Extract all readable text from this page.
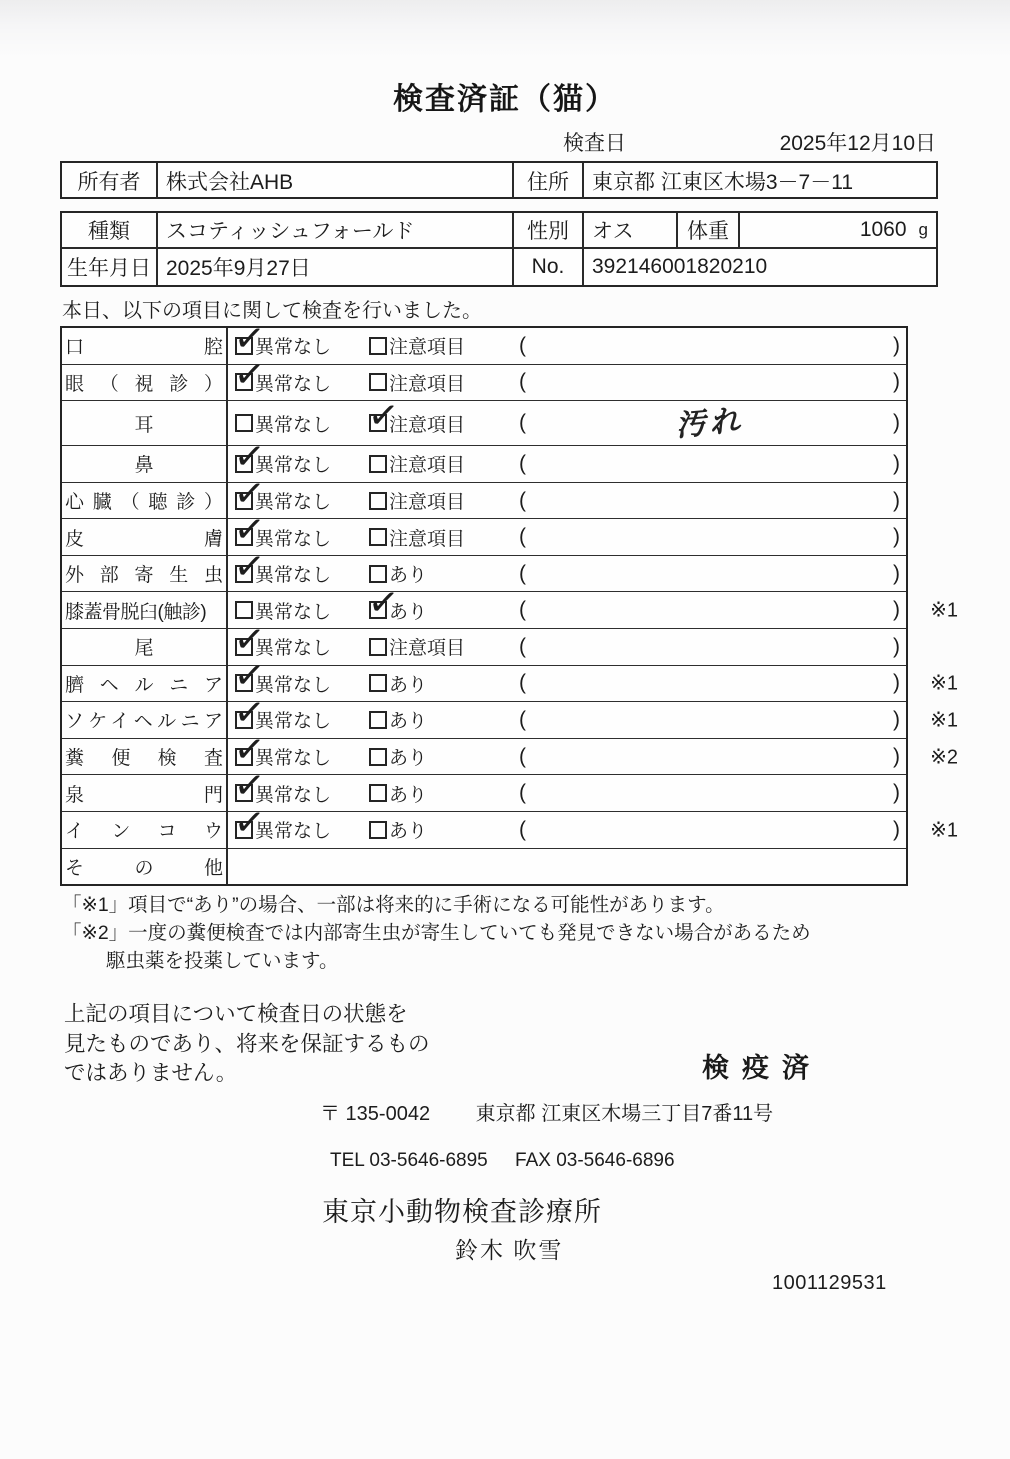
検査済証（猫）
検査日	2025年12月10日
所有者	株式会社AHB	住所	東京都 江東区木場3－7－11
種類	スコティッシュフォールド	性別	オス	体重	1060 g
生年月日 2025年9月27日	No.	392146001820210

本日、以下の項目に関して検査を行いました。

口腔 ✓ 異常なし	注意項目	(	)
眼（視診） ✓ 異常なし	注意項目	(	)
耳	異常なし ✓	注意項目	(	汚れ	)
鼻 ✓	異常なし	注意項目	(	)
心臓（聴診） ✓ 異常なし	注意項目	(	)
皮膚 ✓ 異常なし	注意項目	(	)
外部寄生虫 ✓ 異常なし	あり	(	)
膝蓋骨脱臼(触診)	異常なし ✓	あり	(	) ※1
尾 ✓	異常なし	注意項目	(	)
臍ヘルニア ✓ 異常なし	あり	(	) ※1
ソケイヘルニア ✓ 異常なし	あり	(	) ※1
糞便検査 ✓ 異常なし	あり	(	) ※2
泉門 ✓ 異常なし	あり	(	)
インコウ ✓ 異常なし	あり	(	) ※1
その他

「※1」項目で“あり”の場合、一部は将来的に手術になる可能性があります。

「※2」一度の糞便検査では内部寄生虫が寄生していても発見できない場合があるため

駆虫薬を投薬しています。

上記の項目について検査日の状態を
見たものであり、将来を保証するもの
ではありません。	検疫済
〒 135-0042 東京都 江東区木場三丁目7番11号
TEL 03-5646-6895 FAX 03-5646-6896
東京小動物検査診療所
鈴木 吹雪
1001129531
